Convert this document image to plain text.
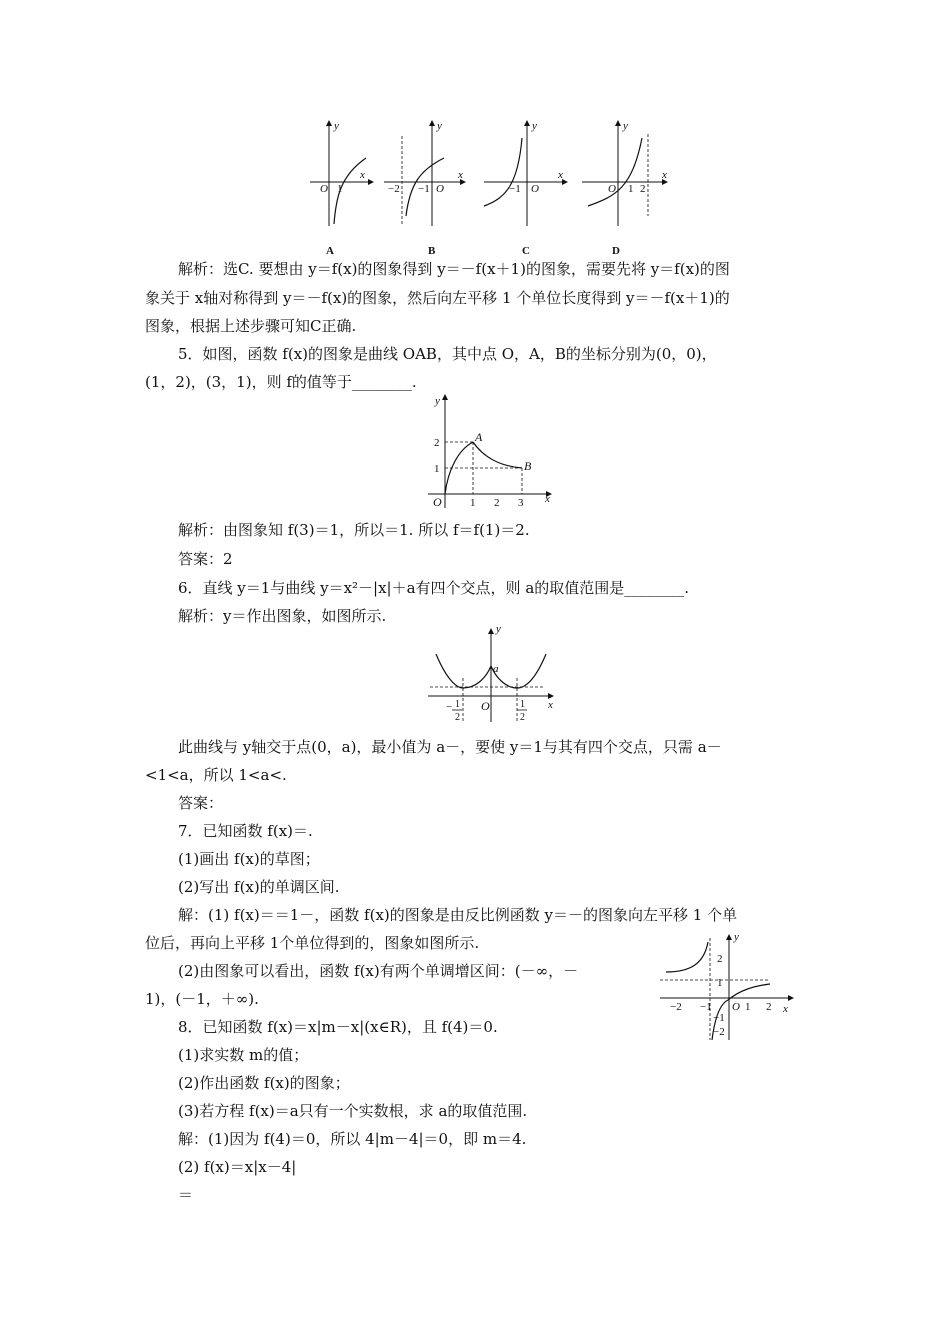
y
x
O 1
A
y
x
O
−2 −1
B
y
x
O
−1
C
y
x
O 1 2
D
解析：选C. 要想由 y＝f(x)的图象得到 y＝－f(x＋1)的图象，需要先将 y＝f(x)的图
象关于 x轴对称得到 y＝－f(x)的图象，然后向左平移 1 个单位长度得到 y＝－f(x＋1)的
图象，根据上述步骤可知C正确.
5．如图，函数 f(x)的图象是曲线 OAB，其中点 O，A，B的坐标分别为(0，0)，
(1，2)，(3，1)，则 f的值等于________.
y
x
O
A
B
1 2 3
2
1
解析：由图象知 f(3)＝1，所以＝1. 所以 f＝f(1)＝2.
答案：2
6．直线 y＝1与曲线 y＝x²－|x|＋a有四个交点，则 a的取值范围是________.
解析：y＝作出图象，如图所示.
y
x
O
a
− 1
2
1
2
此曲线与 y轴交于点(0，a)，最小值为 a－，要使 y＝1与其有四个交点，只需 a－
<1<a，所以 1<a<.
答案：
7．已知函数 f(x)＝.
(1)画出 f(x)的草图；
(2)写出 f(x)的单调区间.
解：(1) f(x)＝＝1－，函数 f(x)的图象是由反比例函数 y＝－的图象向左平移 1 个单
位后，再向上平移 1个单位得到的，图象如图所示.
(2)由图象可以看出，函数 f(x)有两个单调增区间：(－∞，－
1)，(－1，＋∞).
y
x
O
−2 −1	1 2
2
1
−1
−2
8．已知函数 f(x)＝x|m－x|(x∈R)，且 f(4)＝0.
(1)求实数 m的值；
(2)作出函数 f(x)的图象；
(3)若方程 f(x)＝a只有一个实数根，求 a的取值范围.
解：(1)因为 f(4)＝0，所以 4|m－4|＝0，即 m＝4.
(2) f(x)＝x|x－4|
＝
